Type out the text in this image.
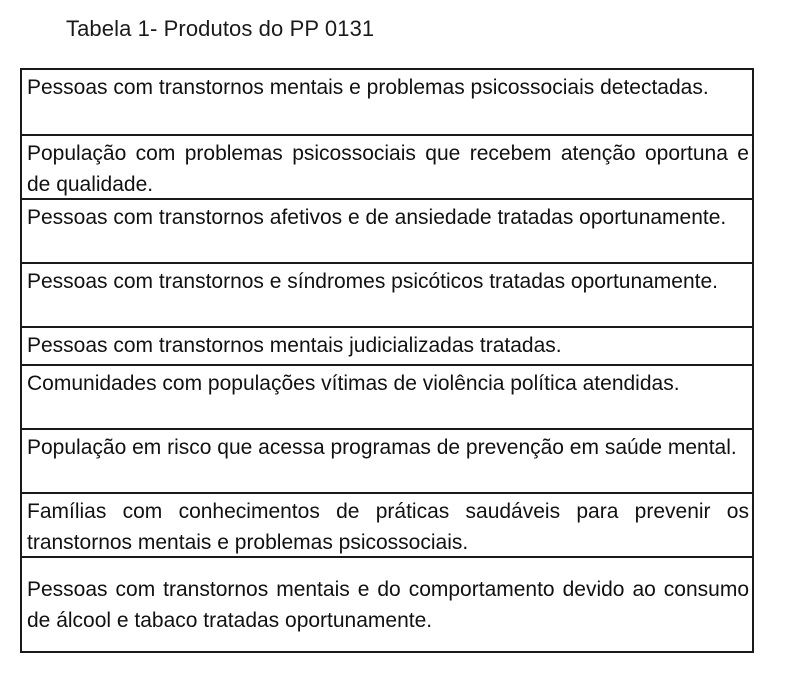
Tabela 1- Produtos do PP 0131
Pessoas com transtornos mentais e problemas psicossociais detectadas.
População com problemas psicossociais que recebem atenção oportuna e de qualidade.
Pessoas com transtornos afetivos e de ansiedade tratadas oportunamente.
Pessoas com transtornos e síndromes psicóticos tratadas oportunamente.
Pessoas com transtornos mentais judicializadas tratadas.
Comunidades com populações vítimas de violência política atendidas.
População em risco que acessa programas de prevenção em saúde mental.
Famílias com conhecimentos de práticas saudáveis para prevenir os transtornos mentais e problemas psicossociais.
Pessoas com transtornos mentais e do comportamento devido ao consumo de álcool e tabaco tratadas oportunamente.
